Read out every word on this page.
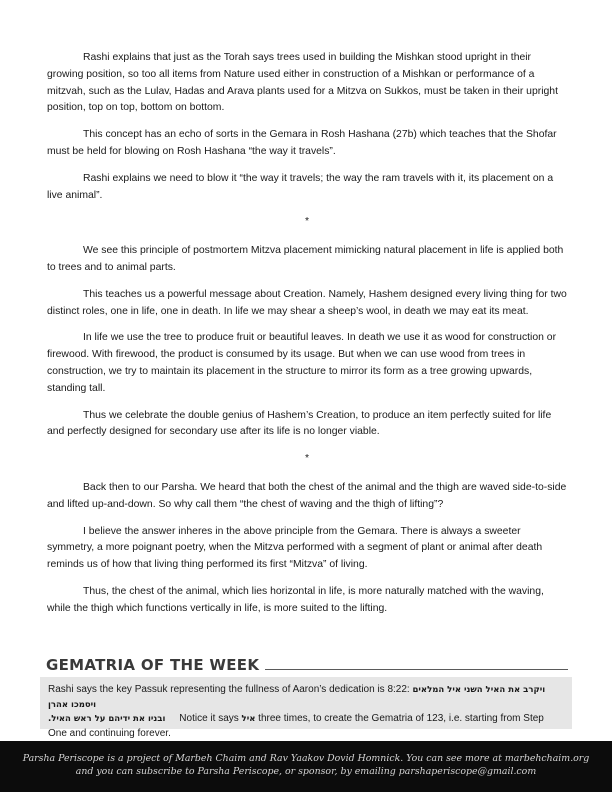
Rashi explains that just as the Torah says trees used in building the Mishkan stood upright in their growing position, so too all items from Nature used either in construction of a Mishkan or performance of a mitzvah, such as the Lulav, Hadas and Arava plants used for a Mitzva on Sukkos, must be taken in their upright position, top on top, bottom on bottom.

This concept has an echo of sorts in the Gemara in Rosh Hashana (27b) which teaches that the Shofar must be held for blowing on Rosh Hashana “the way it travels”.

Rashi explains we need to blow it “the way it travels; the way the ram travels with it, its placement on a live animal”.

*

We see this principle of postmortem Mitzva placement mimicking natural placement in life is applied both to trees and to animal parts.

This teaches us a powerful message about Creation. Namely, Hashem designed every living thing for two distinct roles, one in life, one in death. In life we may shear a sheep’s wool, in death we may eat its meat.

In life we use the tree to produce fruit or beautiful leaves. In death we use it as wood for construction or firewood. With firewood, the product is consumed by its usage. But when we can use wood from trees in construction, we try to maintain its placement in the structure to mirror its form as a tree growing upwards, standing tall.

Thus we celebrate the double genius of Hashem’s Creation, to produce an item perfectly suited for life and perfectly designed for secondary use after its life is no longer viable.

*

Back then to our Parsha. We heard that both the chest of the animal and the thigh are waved side-to-side and lifted up-and-down. So why call them “the chest of waving and the thigh of lifting”?

I believe the answer inheres in the above principle from the Gemara. There is always a sweeter symmetry, a more poignant poetry, when the Mitzva performed with a segment of plant or animal after death reminds us of how that living thing performed its first “Mitzva” of living.

Thus, the chest of the animal, which lies horizontal in life, is more naturally matched with the waving, while the thigh which functions vertically in life, is more suited to the lifting.

GEMATRIA OF THE WEEK
Rashi says the key Passuk representing the fullness of Aaron’s dedication is 8:22: ויקרב את האיל השני איל המלאים ויסמכו אהרן
ובניו את ידיהם על ראש האיל. Notice it says איל three times, to create the Gematria of 123, i.e. starting from Step One and continuing forever.
Parsha Periscope is a project of Marbeh Chaim and Rav Yaakov Dovid Homnick. You can see more at marbehchaim.org
and you can subscribe to Parsha Periscope, or sponsor, by emailing parshaperiscope@gmail.com
